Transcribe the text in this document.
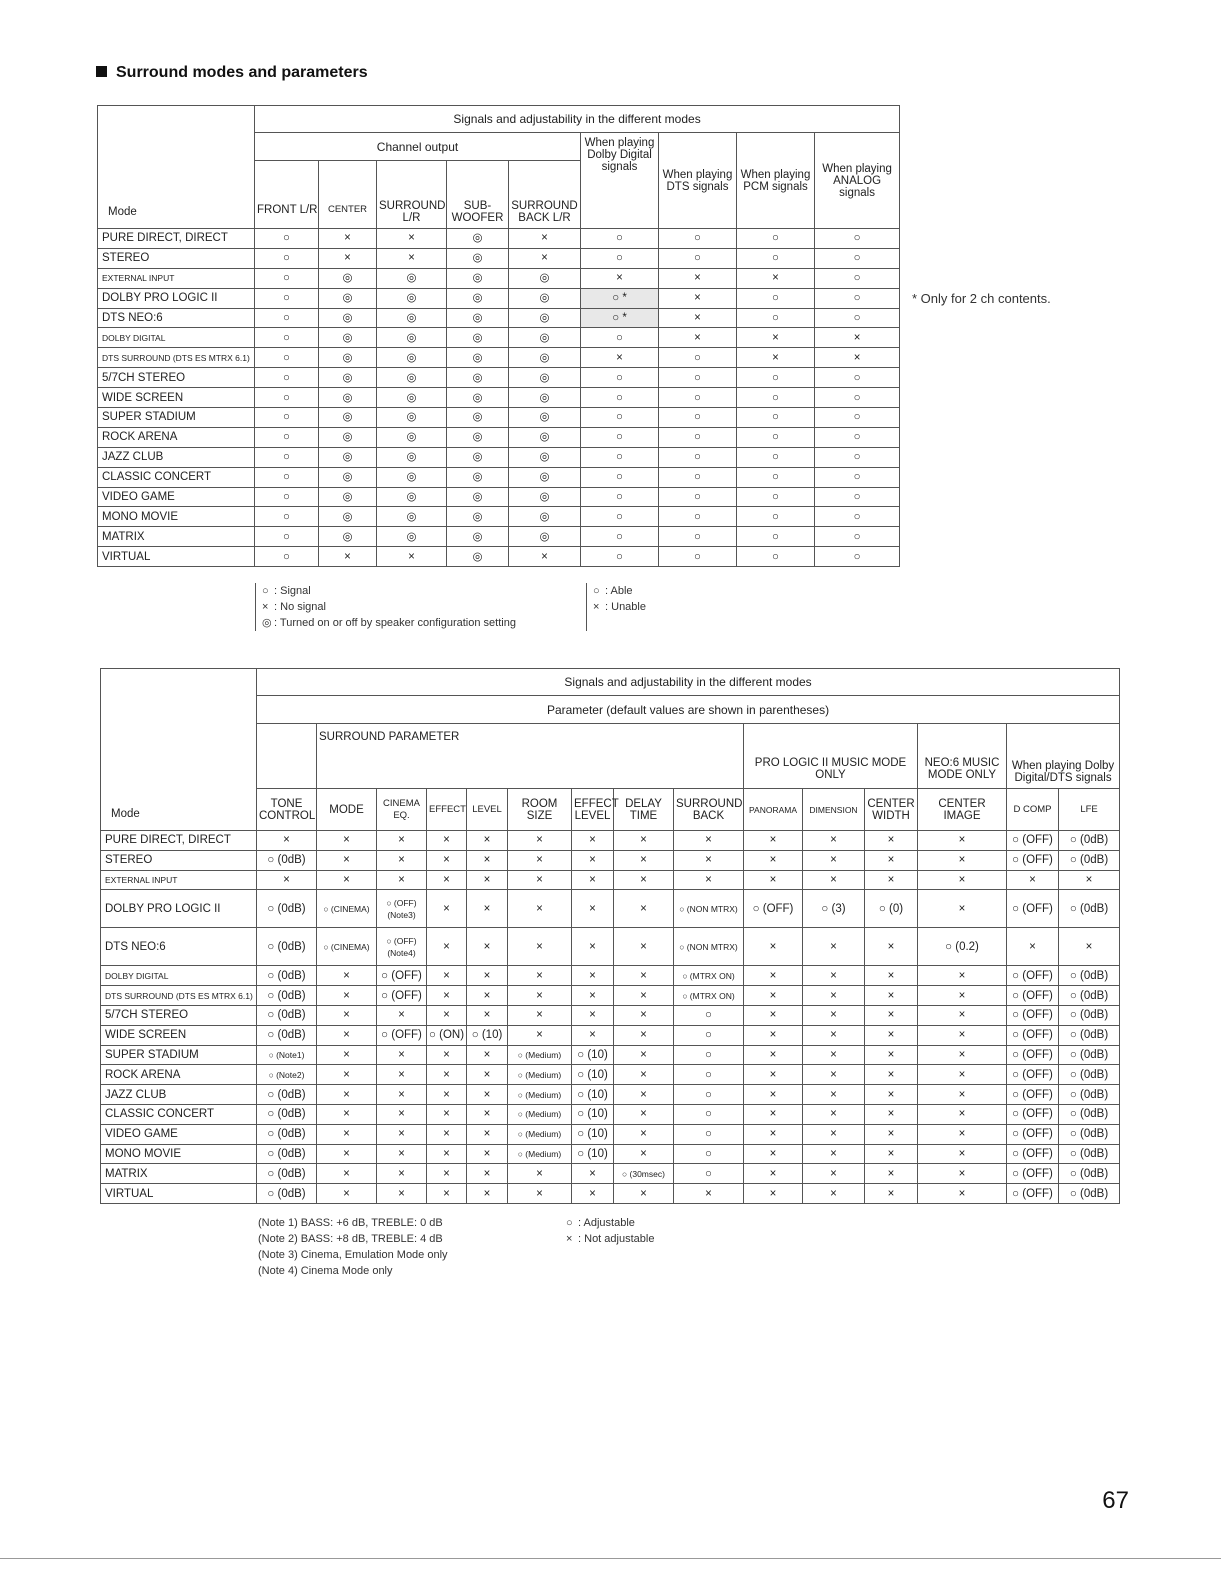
Surround modes and parameters
Mode	Signals and adjustability in the different modes								
	Channel output					When playing Dolby Digital signals	When playing DTS signals	When playing PCM signals	When playing ANALOG signals
	FRONT L/R	CENTER	SURROUND L/R	SUB-WOOFER	SURROUND BACK L/R				
PURE DIRECT, DIRECT	○	×	×	◎	×	○	○	○	○
STEREO	○	×	×	◎	×	○	○	○	○
EXTERNAL INPUT	○	◎	◎	◎	◎	×	×	×	○
DOLBY PRO LOGIC II	○	◎	◎	◎	◎	○ *	×	○	○
DTS NEO:6	○	◎	◎	◎	◎	○ *	×	○	○
DOLBY DIGITAL	○	◎	◎	◎	◎	○	×	×	×
DTS SURROUND (DTS ES MTRX 6.1)	○	◎	◎	◎	◎	×	○	×	×
5/7CH STEREO	○	◎	◎	◎	◎	○	○	○	○
WIDE SCREEN	○	◎	◎	◎	◎	○	○	○	○
SUPER STADIUM	○	◎	◎	◎	◎	○	○	○	○
ROCK ARENA	○	◎	◎	◎	◎	○	○	○	○
JAZZ CLUB	○	◎	◎	◎	◎	○	○	○	○
CLASSIC CONCERT	○	◎	◎	◎	◎	○	○	○	○
VIDEO GAME	○	◎	◎	◎	◎	○	○	○	○
MONO MOVIE	○	◎	◎	◎	◎	○	○	○	○
MATRIX	○	◎	◎	◎	◎	○	○	○	○
VIRTUAL	○	×	×	◎	×	○	○	○	○
* Only for 2 ch contents.
○ : Signal
× : No signal
◎ : Turned on or off by speaker configuration setting
○ : Able
× : Unable
Mode	Signals and adjustability in the different modes														
	Parameter (default values are shown in parentheses)														
		SURROUND PARAMETER								PRO LOGIC II MUSIC MODE ONLY			NEO:6 MUSIC MODE ONLY	When playing Dolby Digital/DTS signals	
	TONE CONTROL	MODE	CINEMA EQ.	EFFECT	LEVEL	ROOM SIZE	EFFECT LEVEL	DELAY TIME	SURROUND BACK	PANORAMA	DIMENSION	CENTER WIDTH	CENTER IMAGE	D COMP	LFE
PURE DIRECT, DIRECT	×	×	×	×	×	×	×	×	×	×	×	×	×	○ (OFF)	○ (0dB)
STEREO	○ (0dB)	×	×	×	×	×	×	×	×	×	×	×	×	○ (OFF)	○ (0dB)
EXTERNAL INPUT	×	×	×	×	×	×	×	×	×	×	×	×	×	×	×
DOLBY PRO LOGIC II	○ (0dB)	○ (CINEMA)	○ (OFF) (Note3)	×	×	×	×	×	○ (NON MTRX)	○ (OFF)	○ (3)	○ (0)	×	○ (OFF)	○ (0dB)
DTS NEO:6	○ (0dB)	○ (CINEMA)	○ (OFF) (Note4)	×	×	×	×	×	○ (NON MTRX)	×	×	×	○ (0.2)	×	×
DOLBY DIGITAL	○ (0dB)	×	○ (OFF)	×	×	×	×	×	○ (MTRX ON)	×	×	×	×	○ (OFF)	○ (0dB)
DTS SURROUND (DTS ES MTRX 6.1)	○ (0dB)	×	○ (OFF)	×	×	×	×	×	○ (MTRX ON)	×	×	×	×	○ (OFF)	○ (0dB)
5/7CH STEREO	○ (0dB)	×	×	×	×	×	×	×	○	×	×	×	×	○ (OFF)	○ (0dB)
WIDE SCREEN	○ (0dB)	×	○ (OFF)	○ (ON)	○ (10)	×	×	×	○	×	×	×	×	○ (OFF)	○ (0dB)
SUPER STADIUM	○ (Note1)	×	×	×	×	○ (Medium)	○ (10)	×	○	×	×	×	×	○ (OFF)	○ (0dB)
ROCK ARENA	○ (Note2)	×	×	×	×	○ (Medium)	○ (10)	×	○	×	×	×	×	○ (OFF)	○ (0dB)
JAZZ CLUB	○ (0dB)	×	×	×	×	○ (Medium)	○ (10)	×	○	×	×	×	×	○ (OFF)	○ (0dB)
CLASSIC CONCERT	○ (0dB)	×	×	×	×	○ (Medium)	○ (10)	×	○	×	×	×	×	○ (OFF)	○ (0dB)
VIDEO GAME	○ (0dB)	×	×	×	×	○ (Medium)	○ (10)	×	○	×	×	×	×	○ (OFF)	○ (0dB)
MONO MOVIE	○ (0dB)	×	×	×	×	○ (Medium)	○ (10)	×	○	×	×	×	×	○ (OFF)	○ (0dB)
MATRIX	○ (0dB)	×	×	×	×	×	×	○ (30msec)	○	×	×	×	×	○ (OFF)	○ (0dB)
VIRTUAL	○ (0dB)	×	×	×	×	×	×	×	×	×	×	×	×	○ (OFF)	○ (0dB)
(Note 1) BASS: +6 dB, TREBLE: 0 dB
(Note 2) BASS: +8 dB, TREBLE: 4 dB
(Note 3) Cinema, Emulation Mode only
(Note 4) Cinema Mode only
○ : Adjustable
× : Not adjustable
67
